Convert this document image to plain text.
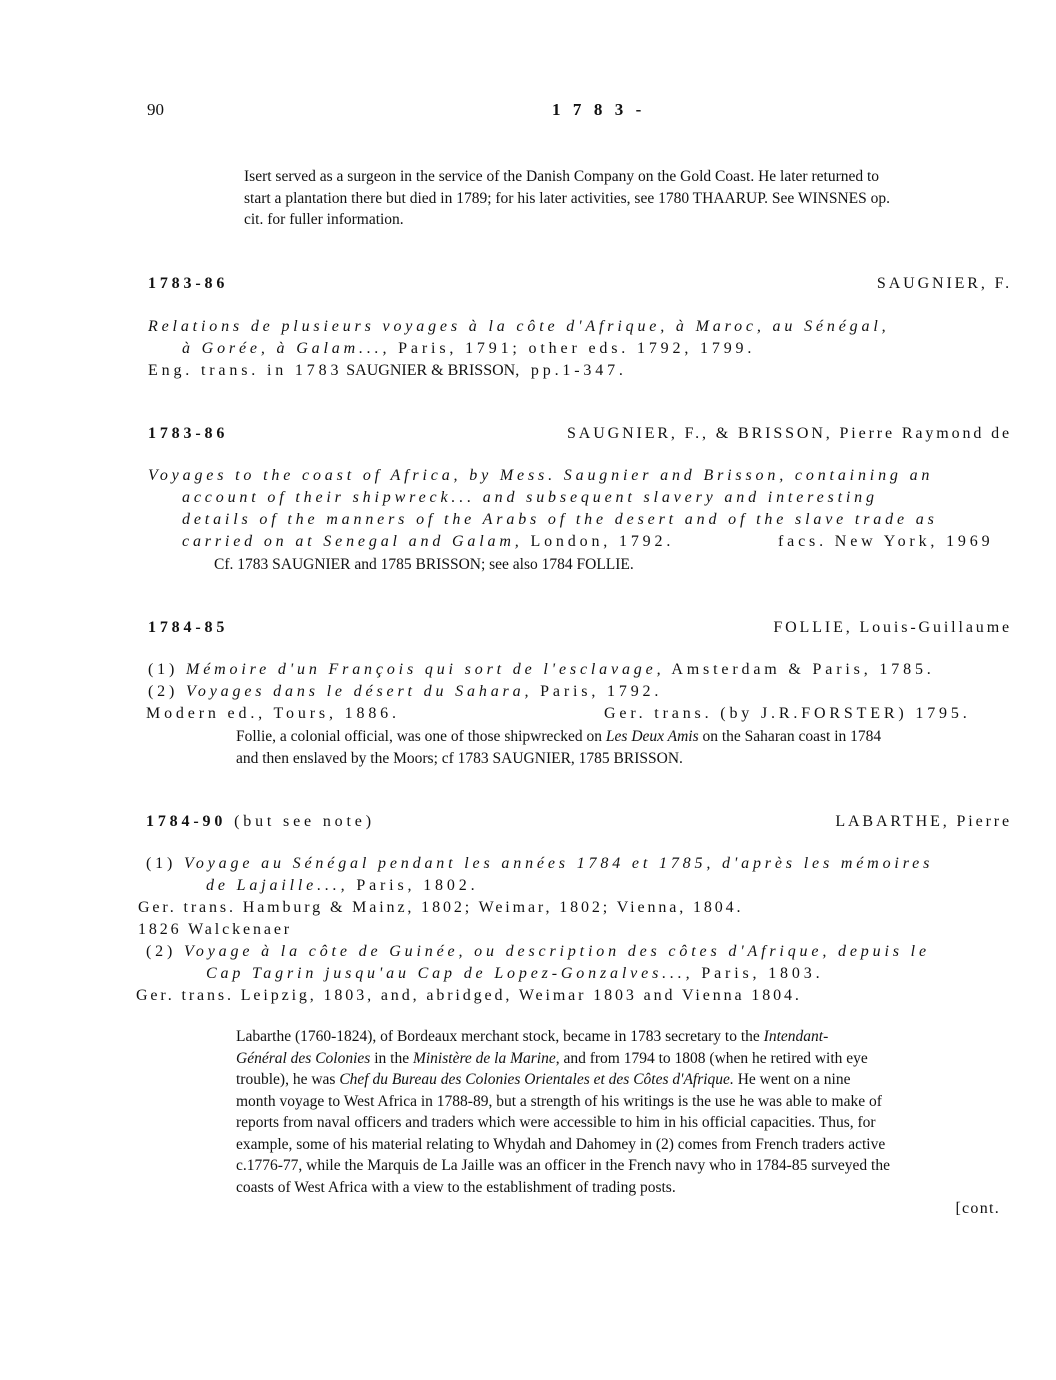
90	1 7 8 3 -
Isert served as a surgeon in the service of the Danish Company on the Gold Coast. He later returned to
start a plantation there but died in 1789; for his later activities, see 1780 THAARUP. See WINSNES op.
cit. for fuller information.
1783-86	SAUGNIER, F.
Relations de plusieurs voyages à la côte d'Afrique, à Maroc, au Sénégal,
à Gorée, à Galam..., Paris, 1791; other eds. 1792, 1799.
Eng. trans. in 1783 SAUGNIER & BRISSON, pp.1-347.
1783-86	SAUGNIER, F., & BRISSON, Pierre Raymond de
Voyages to the coast of Africa, by Mess. Saugnier and Brisson, containing an
account of their shipwreck... and subsequent slavery and interesting
details of the manners of the Arabs of the desert and of the slave trade as
carried on at Senegal and Galam, London, 1792.	facs. New York, 1969
Cf. 1783 SAUGNIER and 1785 BRISSON; see also 1784 FOLLIE.
1784-85	FOLLIE, Louis-Guillaume
(1) Mémoire d'un François qui sort de l'esclavage, Amsterdam & Paris, 1785.
(2) Voyages dans le désert du Sahara, Paris, 1792.
Modern ed., Tours, 1886.	Ger. trans. (by J.R.FORSTER) 1795.
Follie, a colonial official, was one of those shipwrecked on Les Deux Amis on the Saharan coast in 1784
and then enslaved by the Moors; cf 1783 SAUGNIER, 1785 BRISSON.
1784-90 (but see note)	LABARTHE, Pierre
(1) Voyage au Sénégal pendant les années 1784 et 1785, d'après les mémoires
de Lajaille..., Paris, 1802.
Ger. trans. Hamburg & Mainz, 1802; Weimar, 1802; Vienna, 1804.
1826 Walckenaer
(2) Voyage à la côte de Guinée, ou description des côtes d'Afrique, depuis le
Cap Tagrin jusqu'au Cap de Lopez-Gonzalves..., Paris, 1803.
Ger. trans. Leipzig, 1803, and, abridged, Weimar 1803 and Vienna 1804.
Labarthe (1760-1824), of Bordeaux merchant stock, became in 1783 secretary to the Intendant-
Général des Colonies in the Ministère de la Marine, and from 1794 to 1808 (when he retired with eye
trouble), he was Chef du Bureau des Colonies Orientales et des Côtes d'Afrique. He went on a nine
month voyage to West Africa in 1788-89, but a strength of his writings is the use he was able to make of
reports from naval officers and traders which were accessible to him in his official capacities. Thus, for
example, some of his material relating to Whydah and Dahomey in (2) comes from French traders active
c.1776-77, while the Marquis de La Jaille was an officer in the French navy who in 1784-85 surveyed the
coasts of West Africa with a view to the establishment of trading posts.
[cont.
